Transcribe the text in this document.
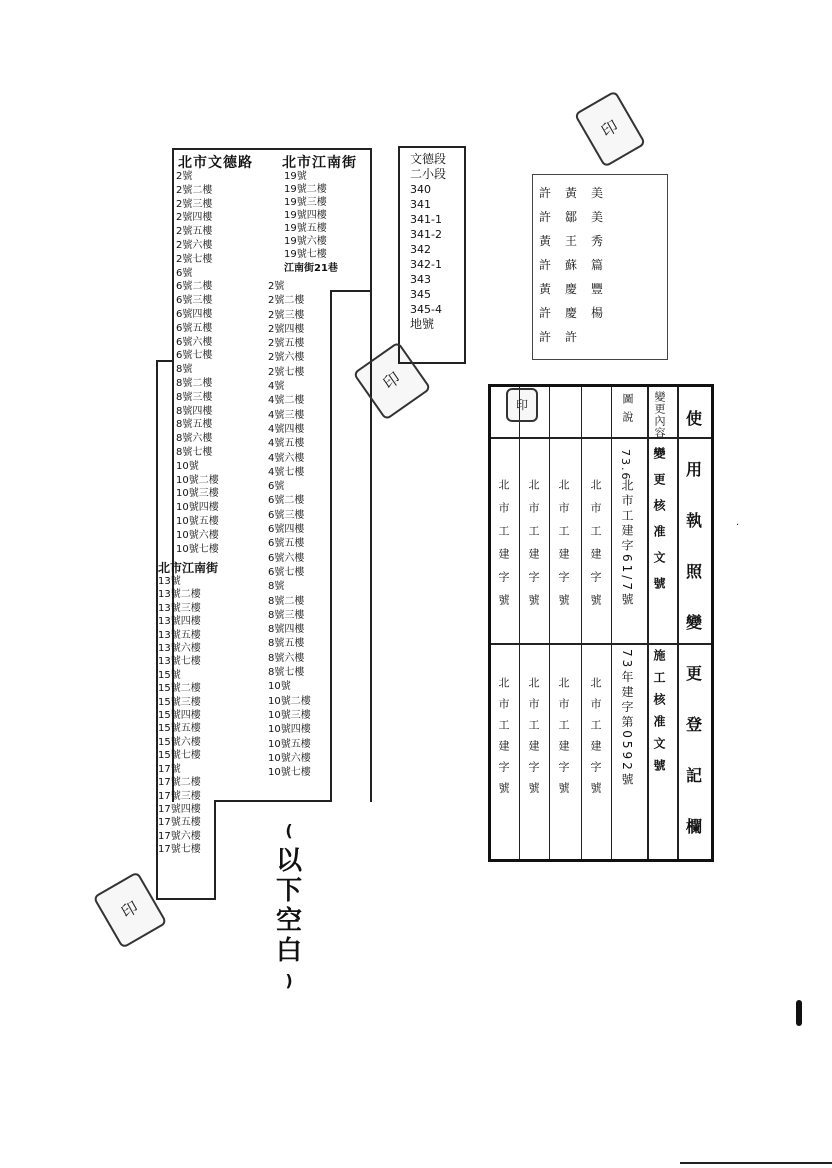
北市文德路 北市江南街
2號
2號二樓
2號三樓
2號四樓
2號五樓
2號六樓
2號七樓
6號
6號二樓
6號三樓
6號四樓
6號五樓
6號六樓
6號七樓
8號
8號二樓
8號三樓
8號四樓
8號五樓
8號六樓
8號七樓
10號
10號二樓
10號三樓
10號四樓
10號五樓
10號六樓
10號七樓
北市江南街
13號
13號二樓
13號三樓
13號四樓
13號五樓
13號六樓
13號七樓
15號
15號二樓
15號三樓
15號四樓
15號五樓
15號六樓
15號七樓
17號
17號二樓
17號三樓
17號四樓
17號五樓
17號六樓
17號七樓
19號
19號二樓
19號三樓
19號四樓
19號五樓
19號六樓
19號七樓
江南街21巷
2號
2號二樓
2號三樓
2號四樓
2號五樓
2號六樓
2號七樓
4號
4號二樓
4號三樓
4號四樓
4號五樓
4號六樓
4號七樓
6號
6號二樓
6號三樓
6號四樓
6號五樓
6號六樓
6號七樓
8號
8號二樓
8號三樓
8號四樓
8號五樓
8號六樓
8號七樓
10號
10號二樓
10號三樓
10號四樓
10號五樓
10號六樓
10號七樓
文德段
二小段
340
341
341-1
341-2
342
342-1
343
345
345-4
地號
許黃美
許鄒美
黃王秀
許蘇篇
黃慶豐
許慶楊
許許
使
用
執
照
變
更
登
記
欄
變更內容
變更核准文號
施工核准文號
圖
說
73.6
北市工建字61/7號
73年建字第0592號
北市工建字號
北市工建字號
北市工建字號
北市工建字號
北市工建字號
北市工建字號
北市工建字號
北市工建字號
印
印
印
印
(
以
下
空
白
)
·
